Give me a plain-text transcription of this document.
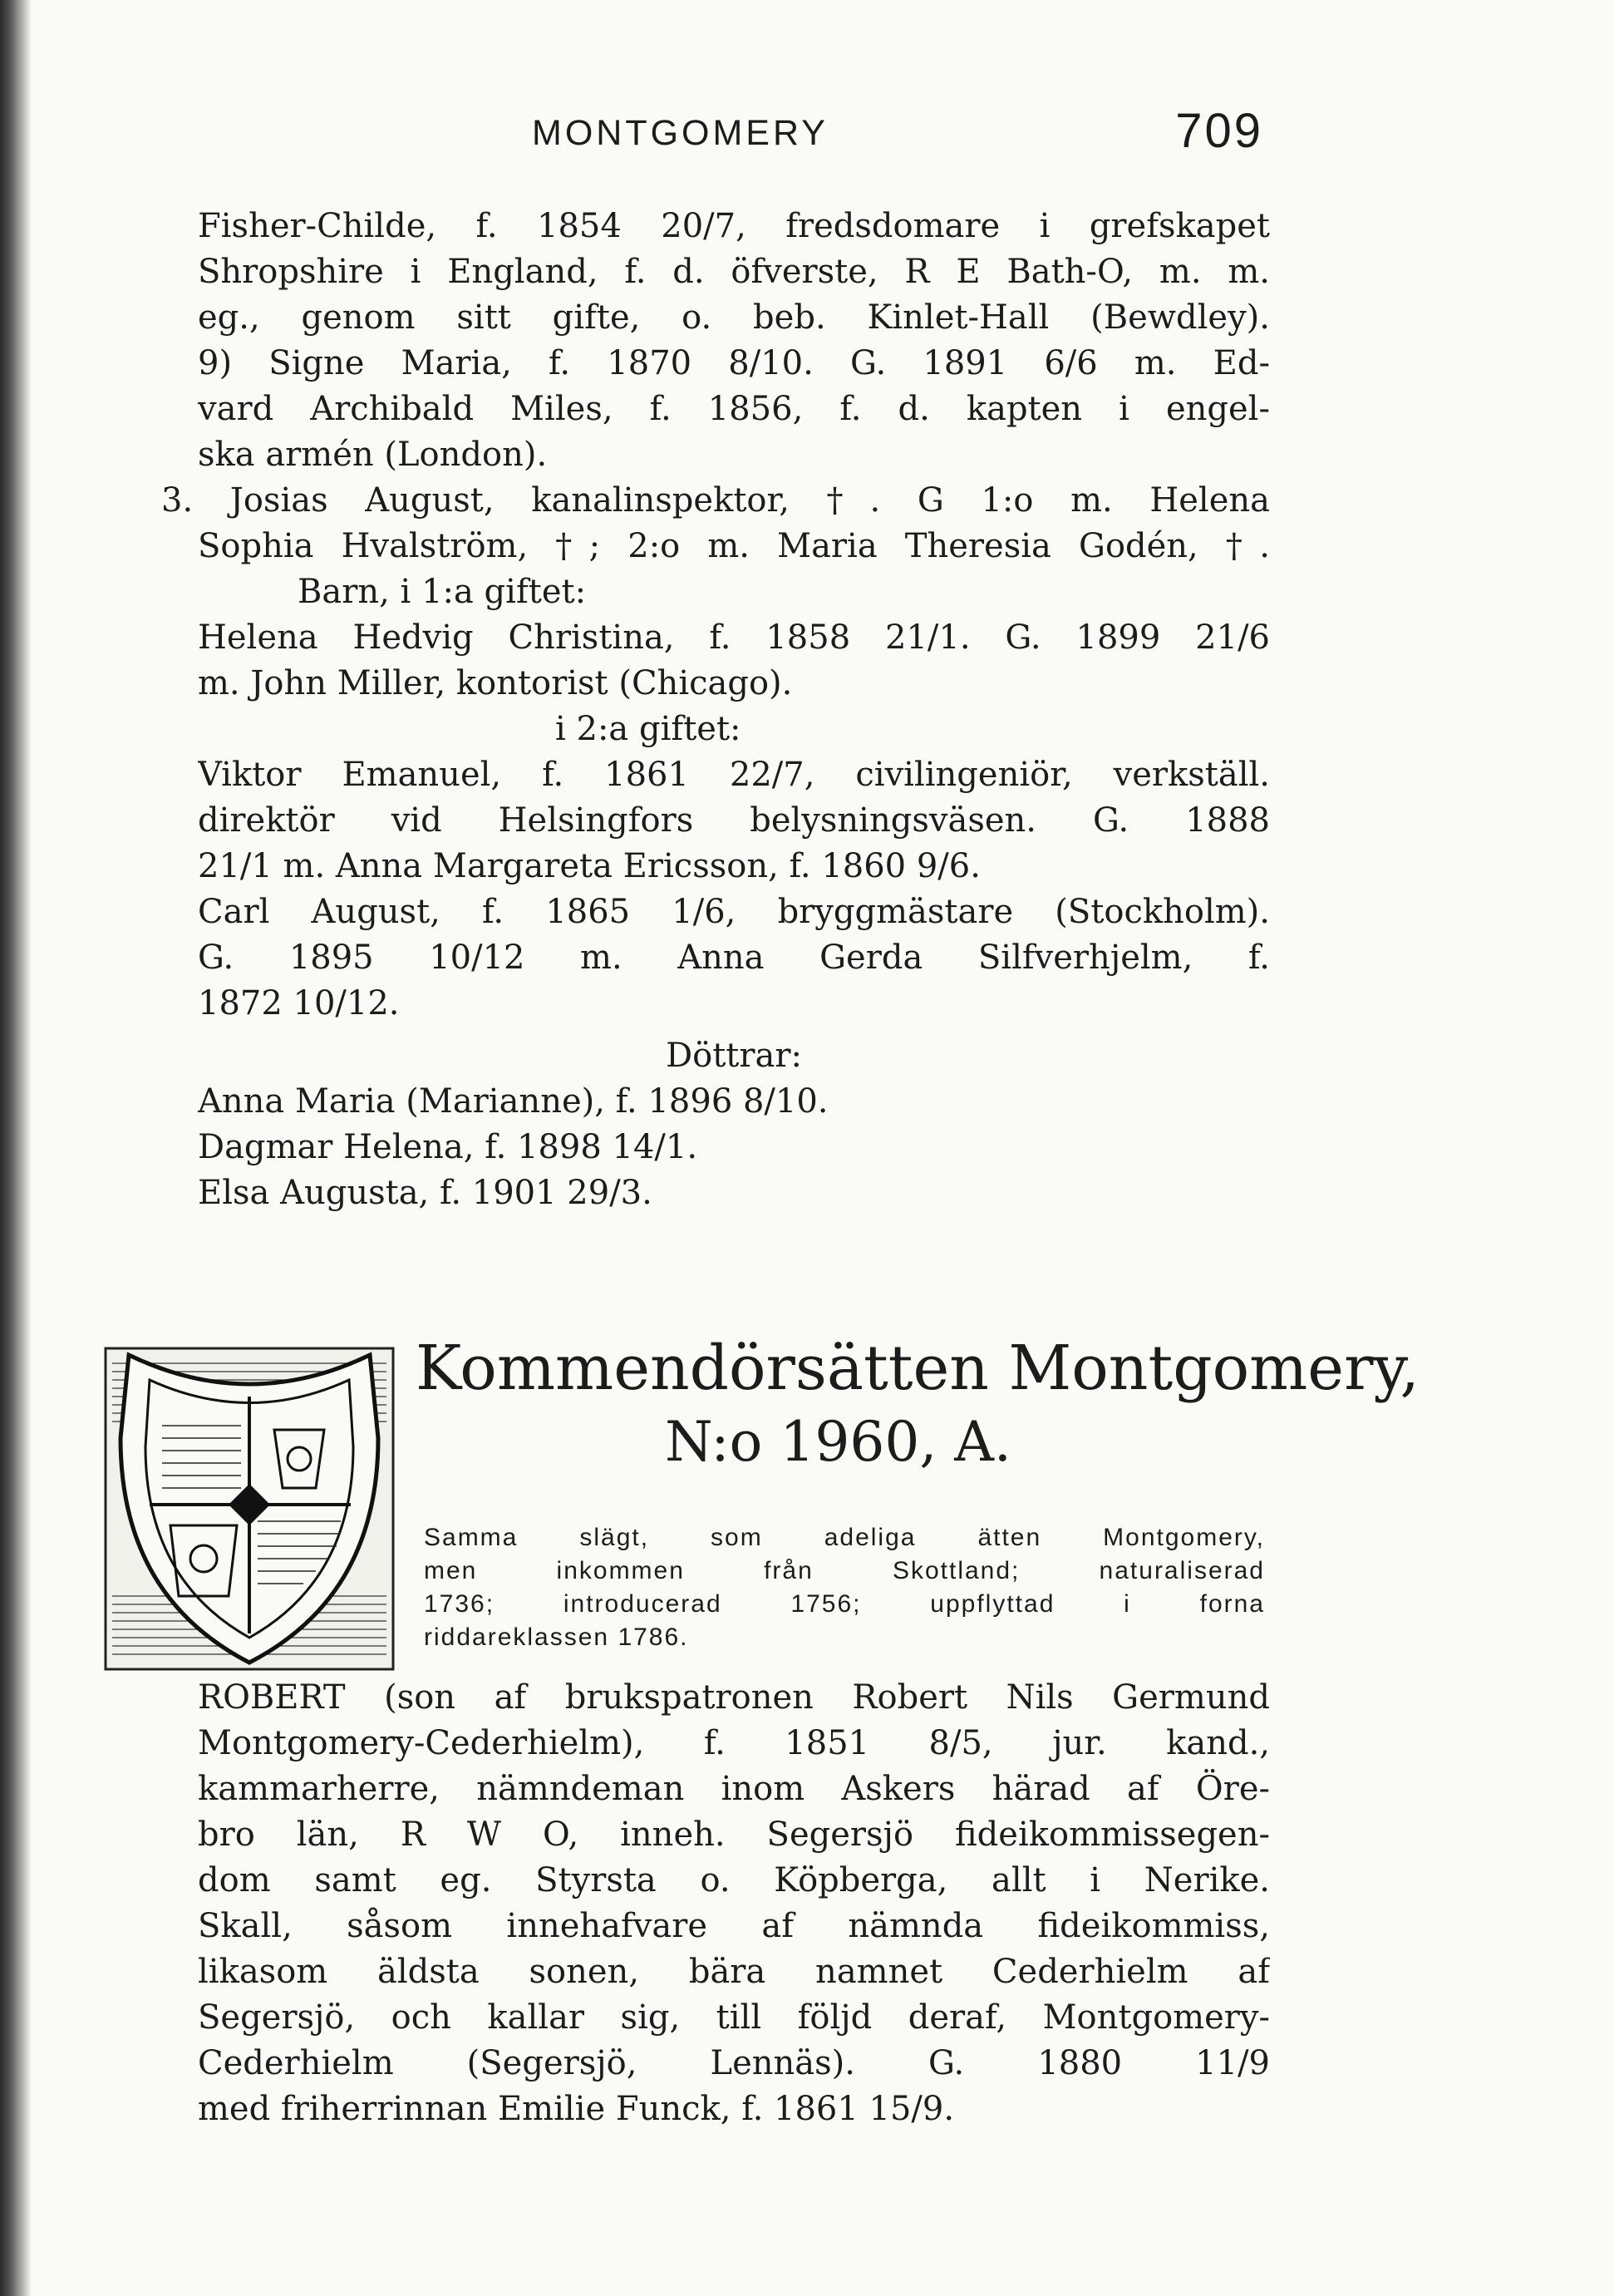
MONTGOMERY	709
Fisher-Childe, f. 1854 20/7, fredsdomare i grefskapet
Shropshire i England, f. d. öfverste, R E Bath-O, m. m.
eg., genom sitt gifte, o. beb. Kinlet-Hall (Bewdley).
9) Signe Maria, f. 1870 8/10. G. 1891 6/6 m. Ed-
vard Archibald Miles, f. 1856, f. d. kapten i engel-
ska armén (London).
3. Josias August, kanalinspektor, †. G 1:o m. Helena
Sophia Hvalström, †; 2:o m. Maria Theresia Godén, †.
Barn, i 1:a giftet:
Helena Hedvig Christina, f. 1858 21/1. G. 1899 21/6
m. John Miller, kontorist (Chicago).
i 2:a giftet:
Viktor Emanuel, f. 1861 22/7, civilingeniör, verkställ.
direktör vid Helsingfors belysningsväsen. G. 1888
21/1 m. Anna Margareta Ericsson, f. 1860 9/6.
Carl August, f. 1865 1/6, bryggmästare (Stockholm).
G. 1895 10/12 m. Anna Gerda Silfverhjelm, f.
1872 10/12.
Döttrar:
Anna Maria (Marianne), f. 1896 8/10.
Dagmar Helena, f. 1898 14/1.
Elsa Augusta, f. 1901 29/3.
Kommendörsätten Montgomery,
N:o 1960, A.
Samma slägt, som adeliga ätten Montgomery,
men inkommen från Skottland; naturaliserad
1736; introducerad 1756; uppflyttad i forna
riddareklassen 1786.
ROBERT (son af brukspatronen Robert Nils Germund
Montgomery-Cederhielm), f. 1851 8/5, jur. kand.,
kammarherre, nämndeman inom Askers härad af Öre-
bro län, R W O, inneh. Segersjö fideikommissegen-
dom samt eg. Styrsta o. Köpberga, allt i Nerike.
Skall, såsom innehafvare af nämnda fideikommiss,
likasom äldsta sonen, bära namnet Cederhielm af
Segersjö, och kallar sig, till följd deraf, Montgomery-
Cederhielm (Segersjö, Lennäs). G. 1880 11/9
med friherrinnan Emilie Funck, f. 1861 15/9.
